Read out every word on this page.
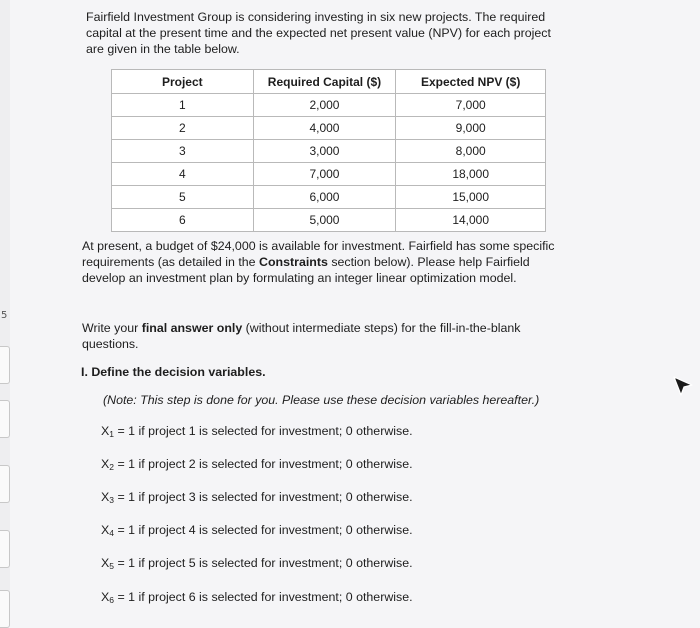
5
Fairfield Investment Group is considering investing in six new projects. The required capital at the present time and the expected net present value (NPV) for each project are given in the table below.
Project	Required Capital ($)	Expected NPV ($)
1	2,000	7,000
2	4,000	9,000
3	3,000	8,000
4	7,000	18,000
5	6,000	15,000
6	5,000	14,000
At present, a budget of $24,000 is available for investment. Fairfield has some specific requirements (as detailed in the Constraints section below). Please help Fairfield develop an investment plan by formulating an integer linear optimization model.
Write your final answer only (without intermediate steps) for the fill-in-the-blank questions.
I. Define the decision variables.
(Note: This step is done for you. Please use these decision variables hereafter.)
$X_1 = 1$ if project 1 is selected for investment; 0 otherwise.
$X_2 = 1$ if project 2 is selected for investment; 0 otherwise.
$X_3 = 1$ if project 3 is selected for investment; 0 otherwise.
$X_4 = 1$ if project 4 is selected for investment; 0 otherwise.
$X_5 = 1$ if project 5 is selected for investment; 0 otherwise.
$X_6 = 1$ if project 6 is selected for investment; 0 otherwise.
